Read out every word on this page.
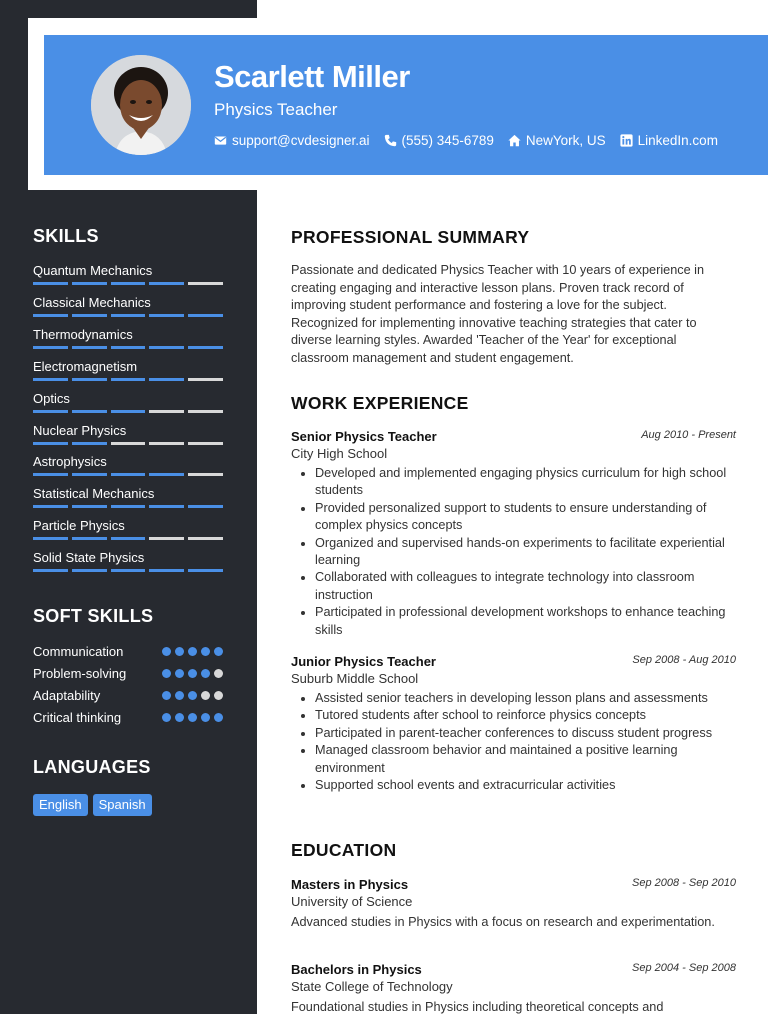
Scarlett Miller
Physics Teacher
support@cvdesigner.ai (555) 345-6789 NewYork, US LinkedIn.com
SKILLS
Quantum Mechanics
Classical Mechanics
Thermodynamics
Electromagnetism
Optics
Nuclear Physics
Astrophysics
Statistical Mechanics
Particle Physics
Solid State Physics
SOFT SKILLS
Communication
Problem-solving
Adaptability
Critical thinking
LANGUAGES
English	Spanish
PROFESSIONAL SUMMARY
Passionate and dedicated Physics Teacher with 10 years of experience in creating engaging and interactive lesson plans. Proven track record of improving student performance and fostering a love for the subject. Recognized for implementing innovative teaching strategies that cater to diverse learning styles. Awarded 'Teacher of the Year' for exceptional classroom management and student engagement.
WORK EXPERIENCE
Senior Physics Teacher	Aug 2010 - Present
City High School
• Developed and implemented engaging physics curriculum for high school students
• Provided personalized support to students to ensure understanding of complex physics concepts
• Organized and supervised hands-on experiments to facilitate experiential learning
• Collaborated with colleagues to integrate technology into classroom instruction
• Participated in professional development workshops to enhance teaching skills
Junior Physics Teacher	Sep 2008 - Aug 2010
Suburb Middle School
• Assisted senior teachers in developing lesson plans and assessments
• Tutored students after school to reinforce physics concepts
• Participated in parent-teacher conferences to discuss student progress
• Managed classroom behavior and maintained a positive learning environment
• Supported school events and extracurricular activities
EDUCATION
Masters in Physics	Sep 2008 - Sep 2010
University of Science
Advanced studies in Physics with a focus on research and experimentation.
Bachelors in Physics	Sep 2004 - Sep 2008
State College of Technology
Foundational studies in Physics including theoretical concepts and
